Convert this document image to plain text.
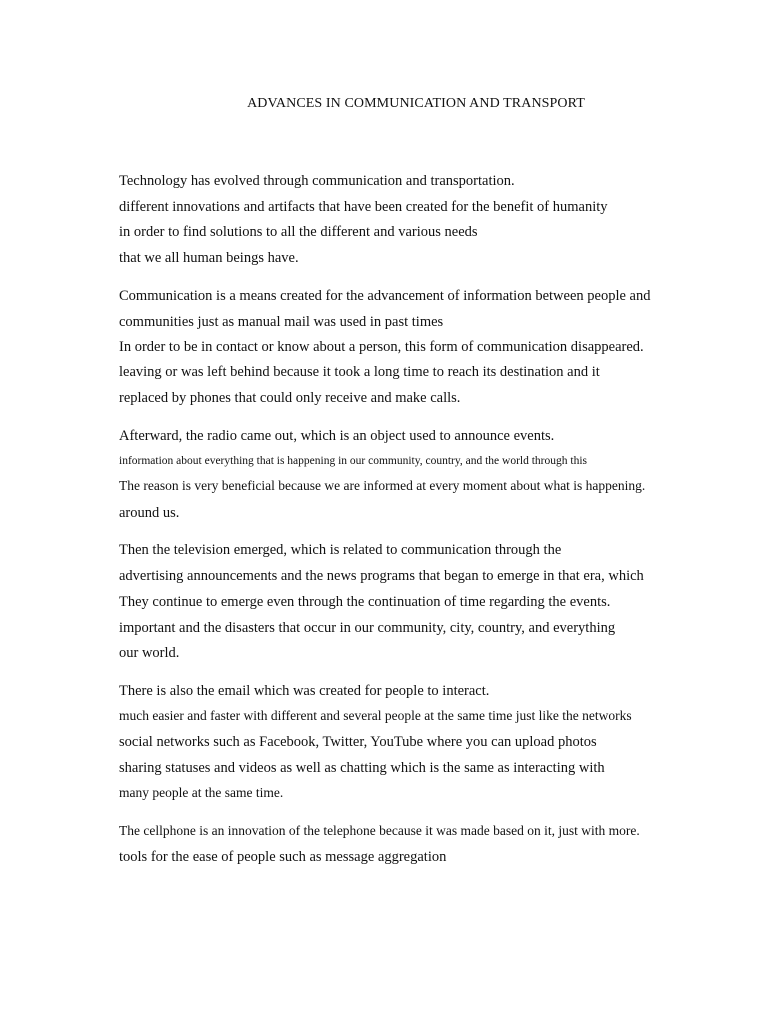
ADVANCES IN COMMUNICATION AND TRANSPORT
Technology has evolved through communication and transportation.
different innovations and artifacts that have been created for the benefit of humanity
in order to find solutions to all the different and various needs
that we all human beings have.
Communication is a means created for the advancement of information between people and
communities just as manual mail was used in past times
In order to be in contact or know about a person, this form of communication disappeared.
leaving or was left behind because it took a long time to reach its destination and it
replaced by phones that could only receive and make calls.
Afterward, the radio came out, which is an object used to announce events.
information about everything that is happening in our community, country, and the world through this
The reason is very beneficial because we are informed at every moment about what is happening.
around us.
Then the television emerged, which is related to communication through the
advertising announcements and the news programs that began to emerge in that era, which
They continue to emerge even through the continuation of time regarding the events.
important and the disasters that occur in our community, city, country, and everything
our world.
There is also the email which was created for people to interact.
much easier and faster with different and several people at the same time just like the networks
social networks such as Facebook, Twitter, YouTube where you can upload photos
sharing statuses and videos as well as chatting which is the same as interacting with
many people at the same time.
The cellphone is an innovation of the telephone because it was made based on it, just with more.
tools for the ease of people such as message aggregation
